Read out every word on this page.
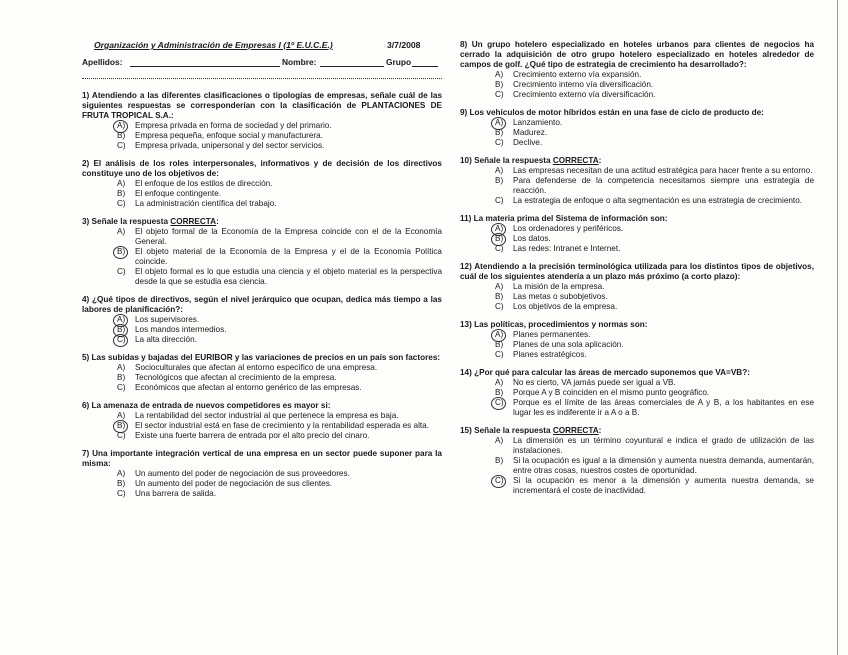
Organización y Administración de Empresas I (1º E.U.C.E.)	3/7/2008
Apellidos:	Nombre:	Grupo

1) Atendiendo a las diferentes clasificaciones o tipologías de empresas, señale cuál de las siguientes respuestas se corresponderían con la clasificación de PLANTACIONES DE FRUTA TROPICAL S.A.:

A)	Empresa privada en forma de sociedad y del primario.
B)	Empresa pequeña, enfoque social y manufacturera.
C)	Empresa privada, unipersonal y del sector servicios.

2) El análisis de los roles interpersonales, informativos y de decisión de los directivos constituye uno de los objetivos de:

A)	El enfoque de los estilos de dirección.
B)	El enfoque contingente.
C)	La administración científica del trabajo.

3) Señale la respuesta CORRECTA:

A)	El objeto formal de la Economía de la Empresa coincide con el de la Economía General.
B)	El objeto material de la Economía de la Empresa y el de la Economía Política coincide.
C)	El objeto formal es lo que estudia una ciencia y el objeto material es la perspectiva desde la que se estudia esa ciencia.

4) ¿Qué tipos de directivos, según el nivel jerárquico que ocupan, dedica más tiempo a las labores de planificación?:

A)	Los supervisores.
B)	Los mandos intermedios.
C)	La alta dirección.

5) Las subidas y bajadas del EURIBOR y las variaciones de precios en un país son factores:

A)	Socioculturales que afectan al entorno específico de una empresa.
B)	Tecnológicos que afectan al crecimiento de la empresa.
C)	Económicos que afectan al entorno genérico de las empresas.

6) La amenaza de entrada de nuevos competidores es mayor si:

A)	La rentabilidad del sector industrial al que pertenece la empresa es baja.
B)	El sector industrial está en fase de crecimiento y la rentabilidad esperada es alta.
C)	Existe una fuerte barrera de entrada por el alto precio del cinaro.

7) Una importante integración vertical de una empresa en un sector puede suponer para la misma:

A)	Un aumento del poder de negociación de sus proveedores.
B)	Un aumento del poder de negociación de sus clientes.
C)	Una barrera de salida.

8) Un grupo hotelero especializado en hoteles urbanos para clientes de negocios ha cerrado la adquisición de otro grupo hotelero especializado en hoteles alrededor de campos de golf. ¿Qué tipo de estrategia de crecimiento ha desarrollado?:

A)	Crecimiento externo vía expansión.
B)	Crecimiento interno vía diversificación.
C)	Crecimiento externo vía diversificación.

9) Los vehículos de motor híbridos están en una fase de ciclo de producto de:

A)	Lanzamiento.
B)	Madurez.
C)	Declive.

10) Señale la respuesta CORRECTA:

A)	Las empresas necesitan de una actitud estratégica para hacer frente a su entorno.
B)	Para defenderse de la competencia necesitamos siempre una estrategia de reacción.
C)	La estrategia de enfoque o alta segmentación es una estrategia de crecimiento.

11) La materia prima del Sistema de información son:

A)	Los ordenadores y periféricos.
B)	Los datos.
C)	Las redes: Intranet e Internet.

12) Atendiendo a la precisión terminológica utilizada para los distintos tipos de objetivos, cuál de los siguientes atendería a un plazo más próximo (a corto plazo):

A)	La misión de la empresa.
B)	Las metas o subobjetivos.
C)	Los objetivos de la empresa.

13) Las políticas, procedimientos y normas son:

A)	Planes permanentes.
B)	Planes de una sola aplicación.
C)	Planes estratégicos.

14) ¿Por qué para calcular las áreas de mercado suponemos que VA=VB?:

A)	No es cierto, VA jamás puede ser igual a VB.
B)	Porque A y B coinciden en el mismo punto geográfico.
C)	Porque es el límite de las áreas comerciales de A y B, a los habitantes en ese lugar les es indiferente ir a A o a B.

15) Señale la respuesta CORRECTA:

A)	La dimensión es un término coyuntural e indica el grado de utilización de las instalaciones.
B)	Si la ocupación es igual a la dimensión y aumenta nuestra demanda, aumentarán, entre otras cosas, nuestros costes de oportunidad.
C)	Si la ocupación es menor a la dimensión y aumenta nuestra demanda, se incrementará el coste de inactividad.
